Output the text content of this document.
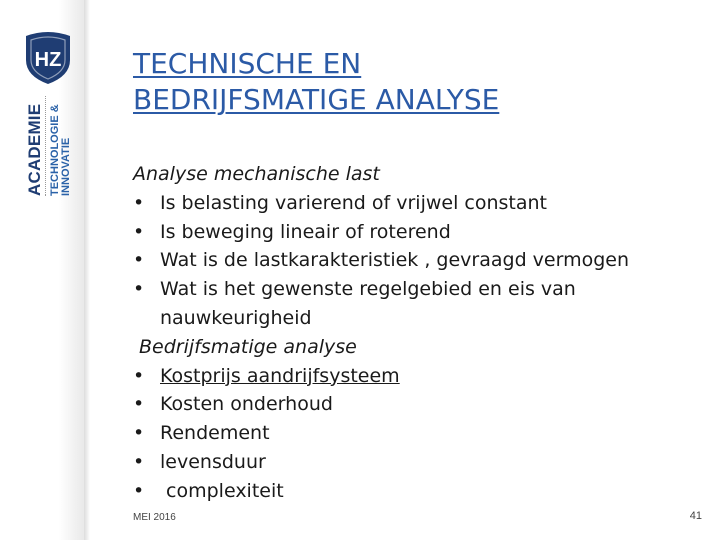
HZ
ACADEMIE TECHNOLOGIE & INNOVATIE
TECHNISCHE EN
BEDRIJFSMATIGE ANALYSE
Analyse mechanische last
• Is belasting varierend of vrijwel constant
• Is beweging lineair of roterend
• Wat is de lastkarakteristiek , gevraagd vermogen
• Wat is het gewenste regelgebied en eis van
nauwkeurigheid
Bedrijfsmatige analyse
• Kostprijs aandrijfsysteem
• Kosten onderhoud
• Rendement
• levensduur
• complexiteit
MEI 2016	41
